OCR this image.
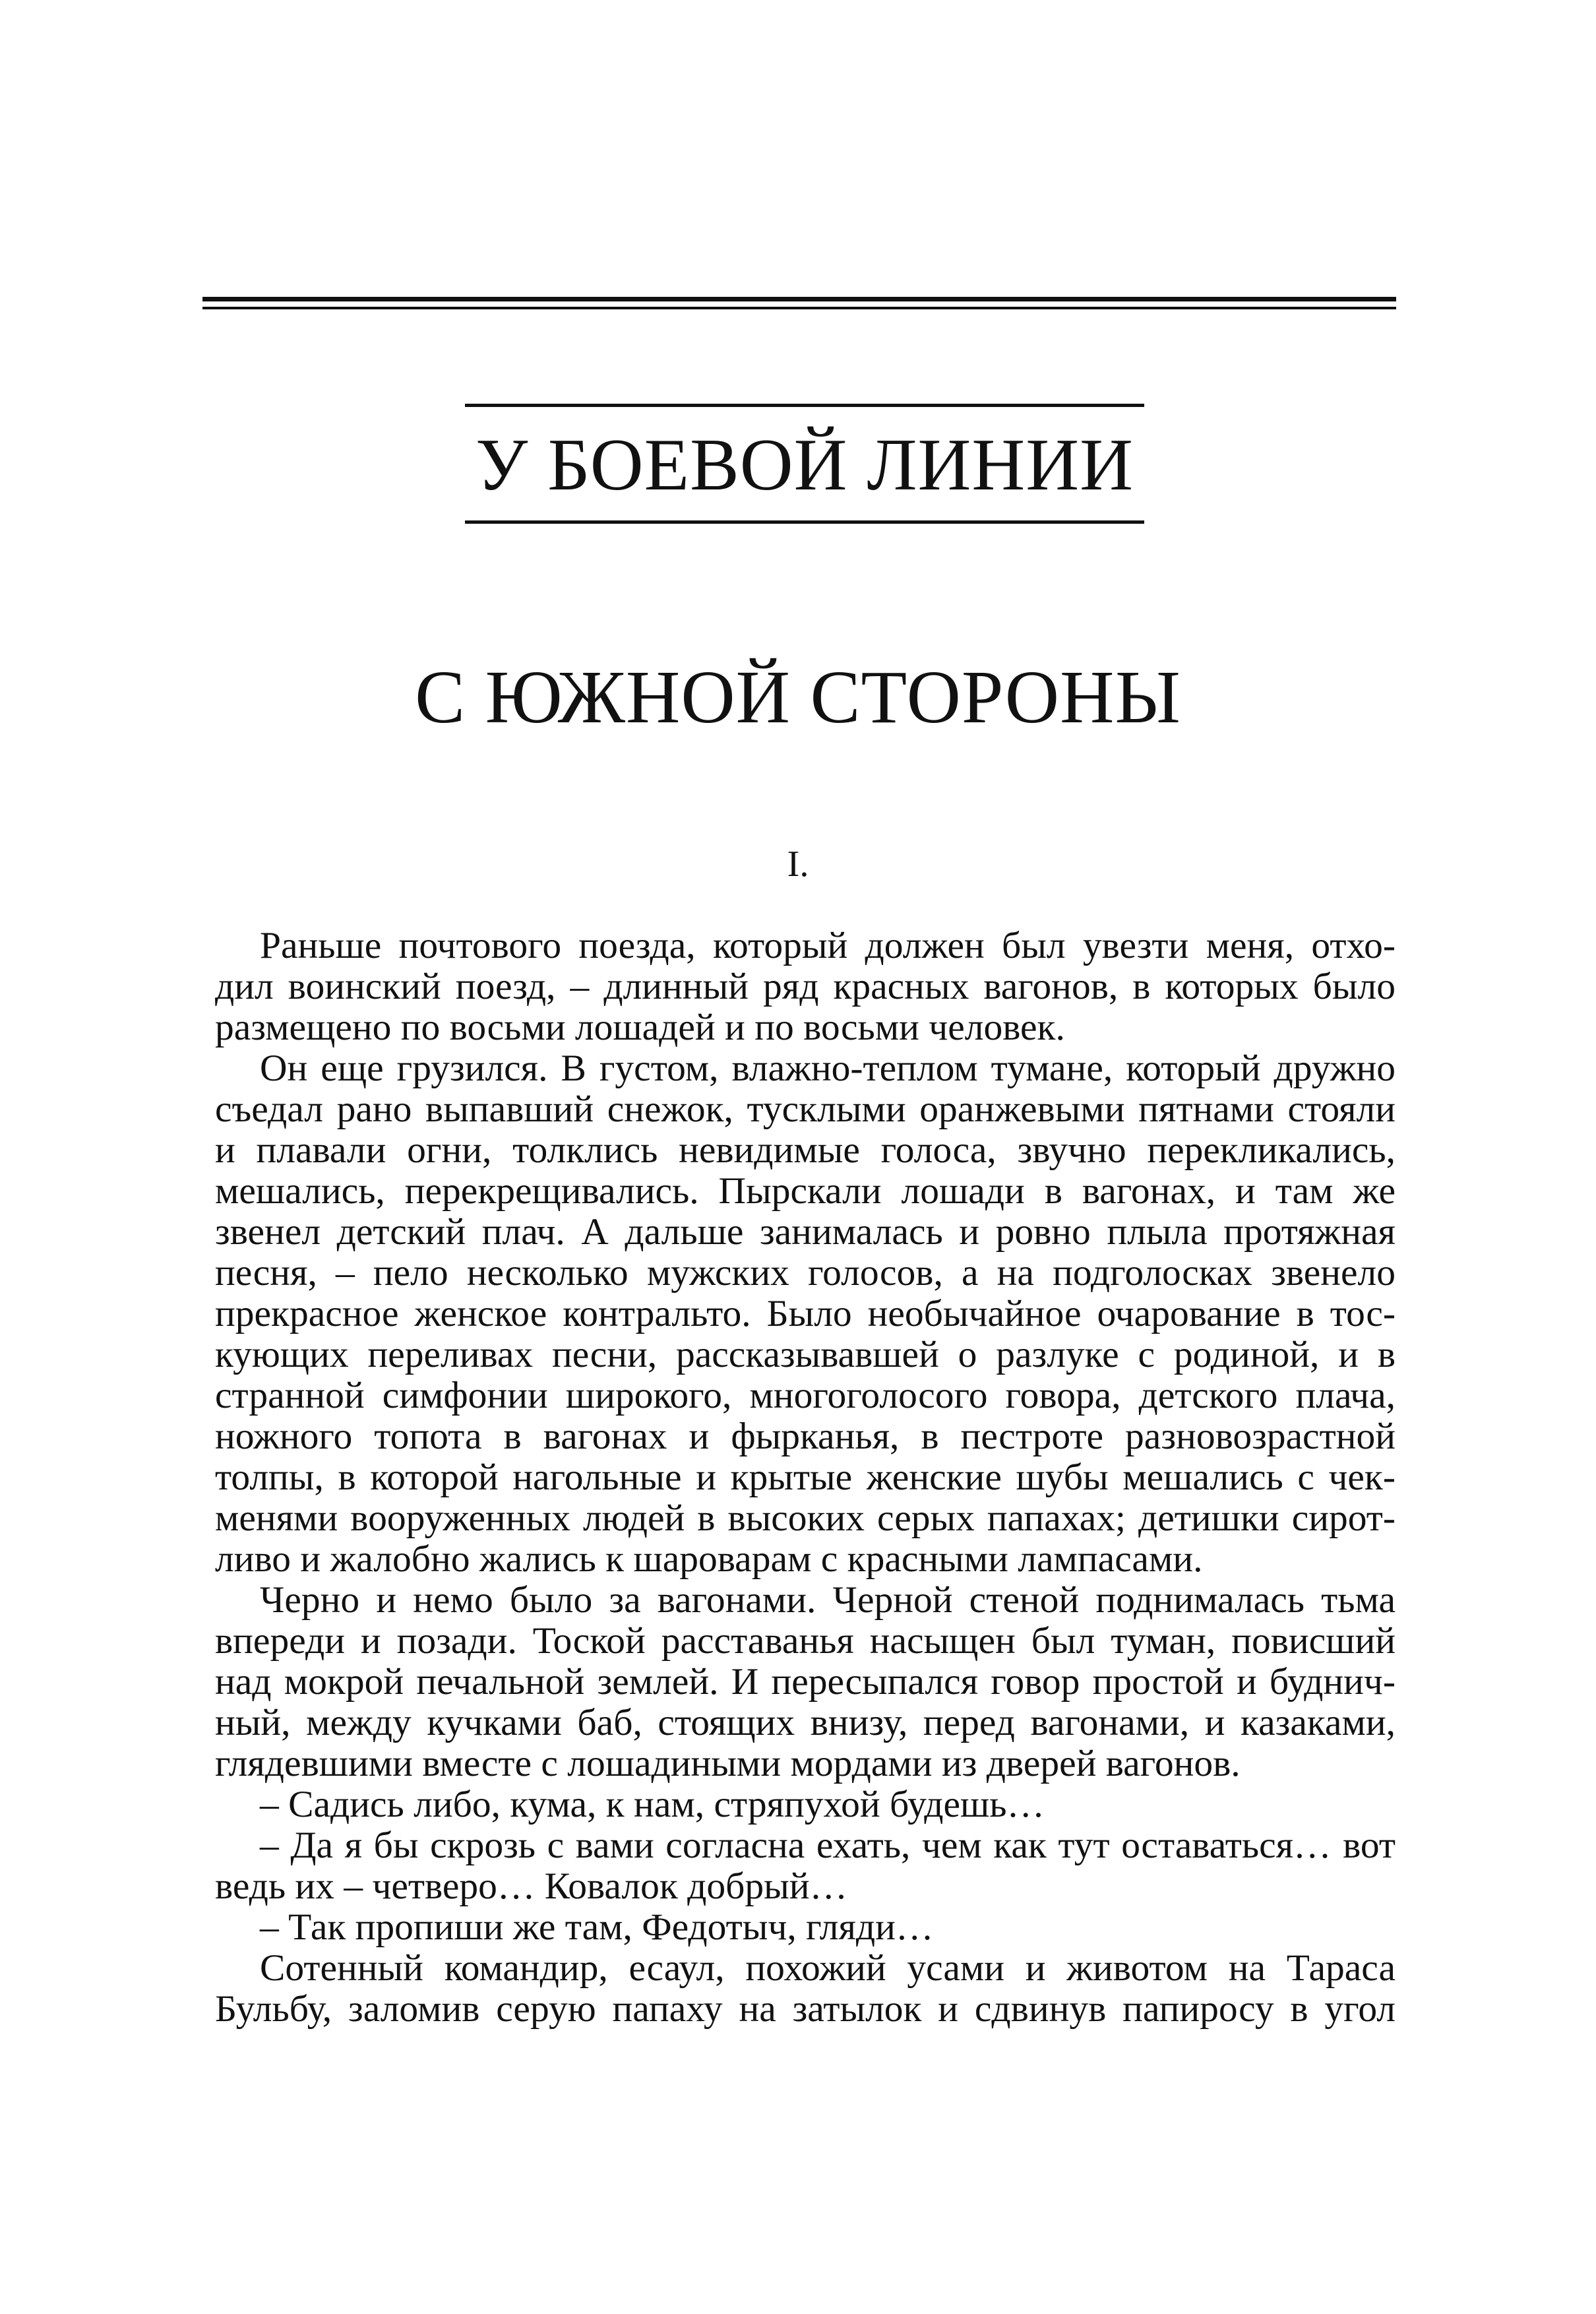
У БОЕВОЙ ЛИНИИ
С ЮЖНОЙ СТОРОНЫ
I.
Раньше почтового поезда, который должен был увезти меня, отхо-
дил воинский поезд, – длинный ряд красных вагонов, в которых было
размещено по восьми лошадей и по восьми человек.
Он еще грузился. В густом, влажно-теплом тумане, который дружно
съедал рано выпавший снежок, тусклыми оранжевыми пятнами стояли
и плавали огни, толклись невидимые голоса, звучно перекликались,
мешались, перекрещивались. Пырскали лошади в вагонах, и там же
звенел детский плач. А дальше занималась и ровно плыла протяжная
песня, – пело несколько мужских голосов, а на подголосках звенело
прекрасное женское контральто. Было необычайное очарование в тос-
кующих переливах песни, рассказывавшей о разлуке с родиной, и в
странной симфонии широкого, многоголосого говора, детского плача,
ножного топота в вагонах и фырканья, в пестроте разновозрастной
толпы, в которой нагольные и крытые женские шубы мешались с чек-
менями вооруженных людей в высоких серых папахах; детишки сирот-
ливо и жалобно жались к шароварам с красными лампасами.
Черно и немо было за вагонами. Черной стеной поднималась тьма
впереди и позади. Тоской расставанья насыщен был туман, повисший
над мокрой печальной землей. И пересыпался говор простой и буднич-
ный, между кучками баб, стоящих внизу, перед вагонами, и казаками,
глядевшими вместе с лошадиными мордами из дверей вагонов.
– Садись либо, кума, к нам, стряпухой будешь…
– Да я бы скрозь с вами согласна ехать, чем как тут оставаться… вот
ведь их – четверо… Ковалок добрый…
– Так пропиши же там, Федотыч, гляди…
Сотенный командир, есаул, похожий усами и животом на Тараса
Бульбу, заломив серую папаху на затылок и сдвинув папиросу в угол
